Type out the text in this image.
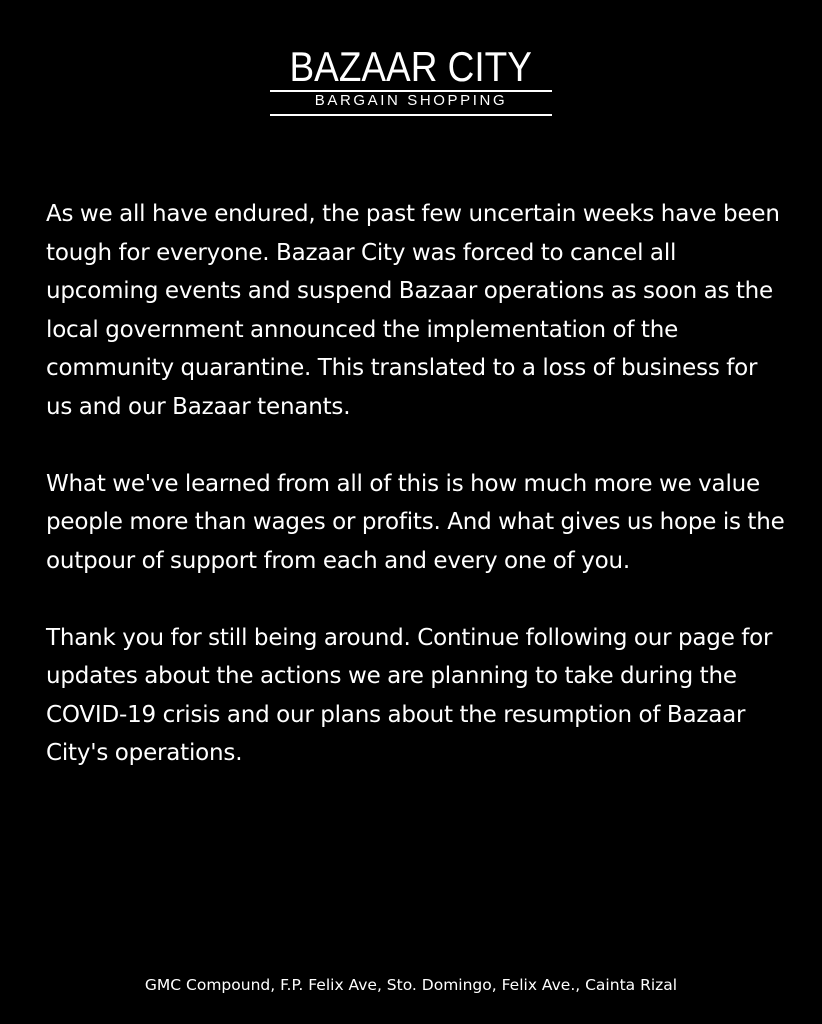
BAZAAR CITY
BARGAIN SHOPPING

As we all have endured, the past few uncertain weeks have been tough for everyone. Bazaar City was forced to cancel all upcoming events and suspend Bazaar operations as soon as the local government announced the implementation of the community quarantine. This translated to a loss of business for us and our Bazaar tenants.

What we've learned from all of this is how much more we value people more than wages or profits. And what gives us hope is the outpour of support from each and every one of you.

Thank you for still being around. Continue following our page for updates about the actions we are planning to take during the COVID-19 crisis and our plans about the resumption of Bazaar City's operations.

GMC Compound, F.P. Felix Ave, Sto. Domingo, Felix Ave., Cainta Rizal
